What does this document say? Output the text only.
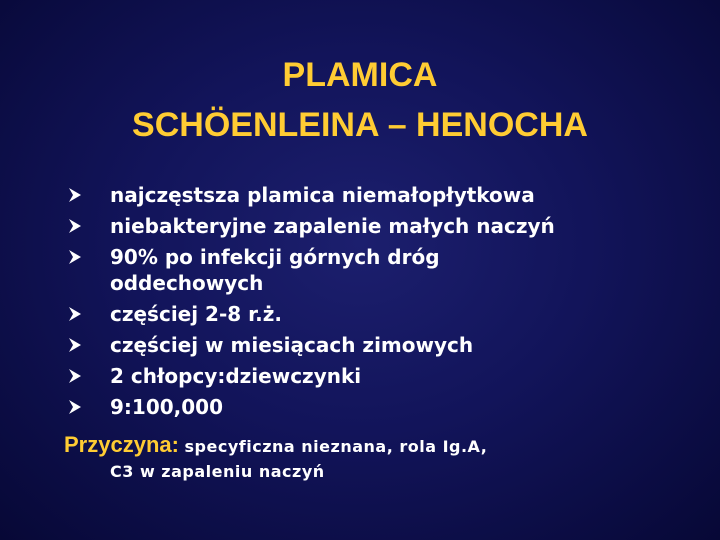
PLAMICA
SCHÖENLEINA – HENOCHA
najczęstsza plamica niemałopłytkowa
niebakteryjne zapalenie małych naczyń
90% po infekcji górnych dróg
oddechowych
częściej 2-8 r.ż.
częściej w miesiącach zimowych
2 chłopcy:dziewczynki
9:100,000
Przyczyna: specyficzna nieznana, rola Ig.A,
C3 w zapaleniu naczyń
